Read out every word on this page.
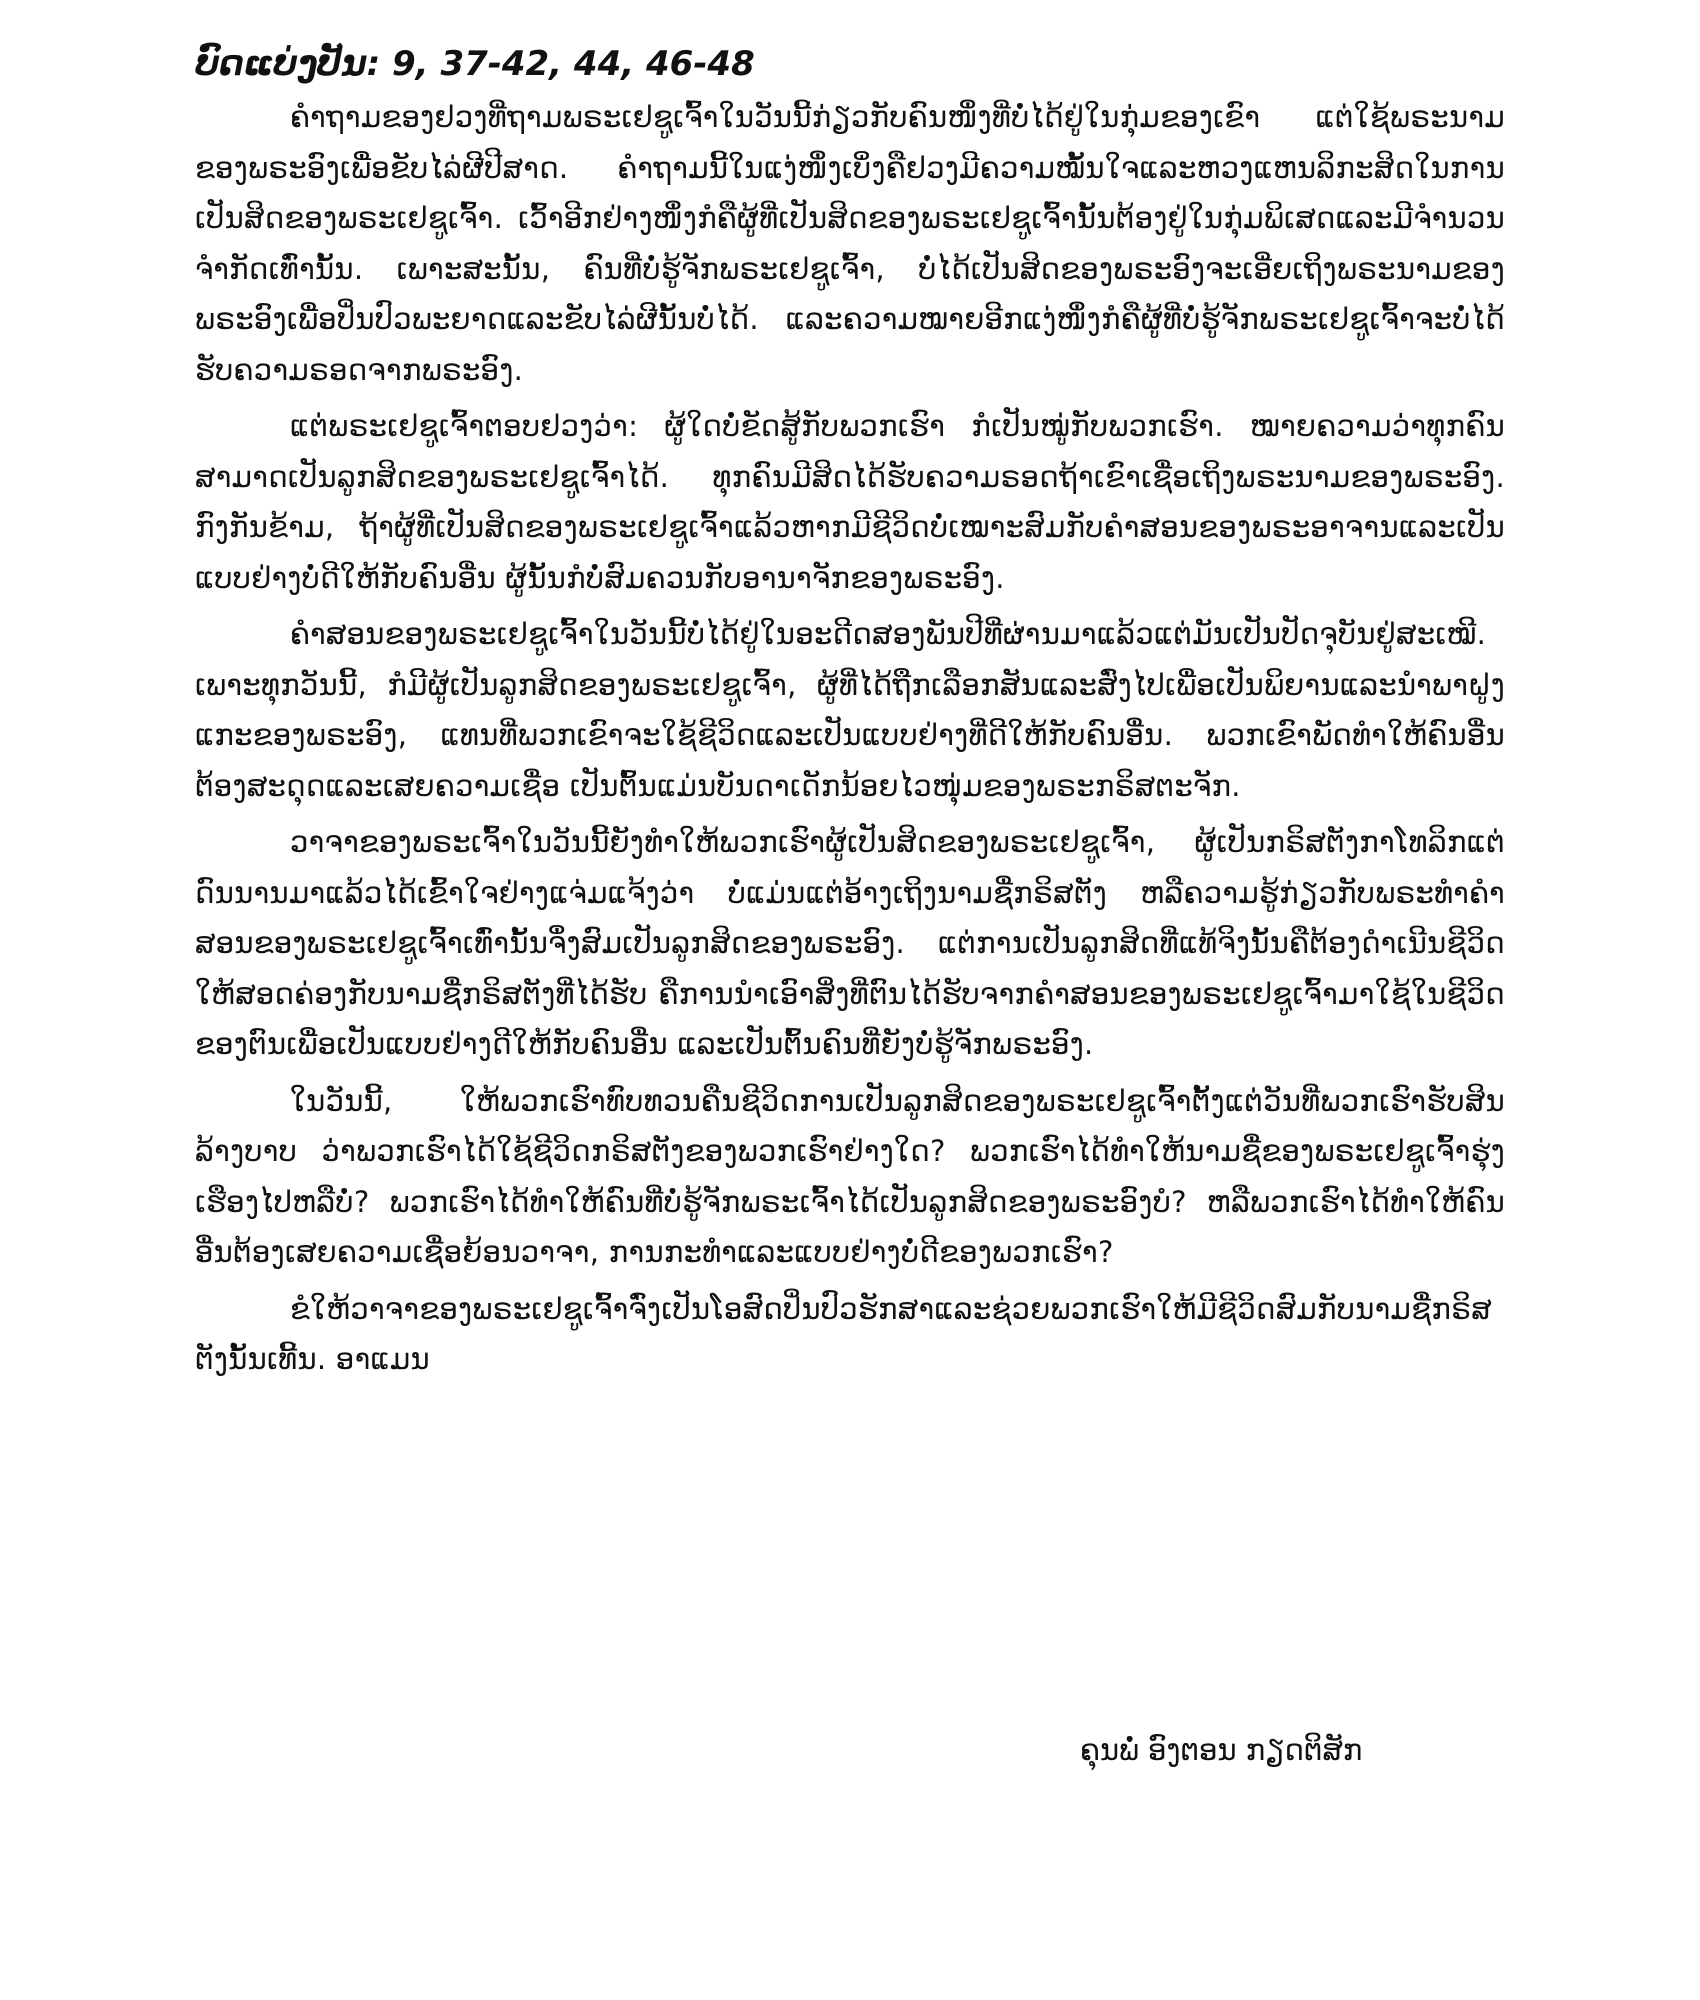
ບົດແບ່ງປັນ: 9, 37-42, 44, 46-48

ຄຳຖາມຂອງຢວງທີ່ຖາມພຣະເຢຊູເຈົ້າໃນວັນນີ້ກ່ຽວກັບຄົນໜຶ່ງທີ່ບໍ່ໄດ້ຢູ່ໃນກຸ່ມຂອງເຂົາ ແຕ່ໃຊ້ພຣະນາມຂອງພຣະອົງເພື່ອຂັບໄລ່ຜີປີສາດ. ຄຳຖາມນີ້ໃນແງ່ໜຶ່ງເບິ່ງຄືຢວງມີຄວາມໝັ້ນໃຈແລະຫວງແຫນລິກະສິດໃນການເປັນສິດຂອງພຣະເຢຊູເຈົ້າ. ເວົ້າອີກຢ່າງໜຶ່ງກໍຄືຜູ້ທີ່ເປັນສິດຂອງພຣະເຢຊູເຈົ້ານັ້ນຕ້ອງຢູ່ໃນກຸ່ມພິເສດແລະມີຈຳນວນຈຳກັດເທົ່ານັ້ນ. ເພາະສະນັ້ນ, ຄົນທີ່ບໍ່ຮູ້ຈັກພຣະເຢຊູເຈົ້າ, ບໍ່ໄດ້ເປັນສິດຂອງພຣະອົງຈະເອີ່ຍເຖິງພຣະນາມຂອງພຣະອົງເພື່ອປິ່ນປົວພະຍາດແລະຂັບໄລ່ຜີນັ້ນບໍ່ໄດ້. ແລະຄວາມໝາຍອີກແງ່ໜຶ່ງກໍຄືຜູ້ທີ່ບໍ່ຮູ້ຈັກພຣະເຢຊູເຈົ້າຈະບໍ່ໄດ້ຮັບຄວາມຣອດຈາກພຣະອົງ.

ແຕ່ພຣະເຢຊູເຈົ້າຕອບຢວງວ່າ: ຜູ້ໃດບໍ່ຂັດສູ້ກັບພວກເຮົາ ກໍເປັນໝູ່ກັບພວກເຮົາ. ໝາຍຄວາມວ່າທຸກຄົນສາມາດເປັນລູກສິດຂອງພຣະເຢຊູເຈົ້າໄດ້. ທຸກຄົນມີສິດໄດ້ຮັບຄວາມຣອດຖ້າເຂົາເຊື່ອເຖິງພຣະນາມຂອງພຣະອົງ. ກົງກັນຂ້າມ, ຖ້າຜູ້ທີ່ເປັນສິດຂອງພຣະເຢຊູເຈົ້າແລ້ວຫາກມີຊີວິດບໍ່ເໝາະສົມກັບຄຳສອນຂອງພຣະອາຈານແລະເປັນແບບຢ່າງບໍ່ດີໃຫ້ກັບຄົນອື່ນ ຜູ້ນັ້ນກໍບໍ່ສົມຄວນກັບອານາຈັກຂອງພຣະອົງ.

ຄຳສອນຂອງພຣະເຢຊູເຈົ້າໃນວັນນີ້ບໍ່ໄດ້ຢູ່ໃນອະດີດສອງພັນປີທີ່ຜ່ານມາແລ້ວແຕ່ມັນເປັນປັດຈຸບັນຢູ່ສະເໝີ. ເພາະທຸກວັນນີ້, ກໍມີຜູ້ເປັນລູກສິດຂອງພຣະເຢຊູເຈົ້າ, ຜູ້ທີ່ໄດ້ຖືກເລືອກສັນແລະສົ່ງໄປເພື່ອເປັນພິຍານແລະນຳພາຝູງແກະຂອງພຣະອົງ, ແທນທີ່ພວກເຂົາຈະໃຊ້ຊີວິດແລະເປັນແບບຢ່າງທີ່ດີໃຫ້ກັບຄົນອື່ນ. ພວກເຂົາພັດທຳໃຫ້ຄົນອື່ນຕ້ອງສະດຸດແລະເສຍຄວາມເຊື່ອ ເປັນຕົ້ນແມ່ນບັນດາເດັກນ້ອຍໄວໜຸ່ມຂອງພຣະກຣິສຕະຈັກ.

ວາຈາຂອງພຣະເຈົ້າໃນວັນນີ້ຍັງທຳໃຫ້ພວກເຮົາຜູ້ເປັນສິດຂອງພຣະເຢຊູເຈົ້າ, ຜູ້ເປັນກຣິສຕັງກາໂທລິກແຕ່ດົນນານມາແລ້ວໄດ້ເຂົ້າໃຈຢ່າງແຈ່ມແຈ້ງວ່າ ບໍ່ແມ່ນແຕ່ອ້າງເຖິງນາມຊື່ກຣິສຕັງ ຫລືຄວາມຮູ້ກ່ຽວກັບພຣະທຳຄຳສອນຂອງພຣະເຢຊູເຈົ້າເທົ່ານັ້ນຈຶ່ງສົມເປັນລູກສິດຂອງພຣະອົງ. ແຕ່ການເປັນລູກສິດທີ່ແທ້ຈິງນັ້ນຄືຕ້ອງດຳເນີນຊີວິດໃຫ້ສອດຄ່ອງກັບນາມຊື່ກຣິສຕັງທີ່ໄດ້ຮັບ ຄືການນຳເອົາສິ່ງທີ່ຕົນໄດ້ຮັບຈາກຄຳສອນຂອງພຣະເຢຊູເຈົ້າມາໃຊ້ໃນຊີວິດຂອງຕົນເພື່ອເປັນແບບຢ່າງດີໃຫ້ກັບຄົນອື່ນ ແລະເປັນຕົ້ນຄົນທີ່ຍັງບໍ່ຮູ້ຈັກພຣະອົງ.

ໃນວັນນີ້, ໃຫ້ພວກເຮົາທົບທວນຄືນຊີວິດການເປັນລູກສິດຂອງພຣະເຢຊູເຈົ້າຕັ້ງແຕ່ວັນທີ່ພວກເຮົາຮັບສິນລ້າງບາບ ວ່າພວກເຮົາໄດ້ໃຊ້ຊີວິດກຣິສຕັງຂອງພວກເຮົາຢ່າງໃດ? ພວກເຮົາໄດ້ທຳໃຫ້ນາມຊື່ຂອງພຣະເຢຊູເຈົ້າຮຸ່ງເຮືອງໄປຫລືບໍ່? ພວກເຮົາໄດ້ທຳໃຫ້ຄົນທີ່ບໍ່ຮູ້ຈັກພຣະເຈົ້າໄດ້ເປັນລູກສິດຂອງພຣະອົງບໍ? ຫລືພວກເຮົາໄດ້ທຳໃຫ້ຄົນອື່ນຕ້ອງເສຍຄວາມເຊື່ອຍ້ອນວາຈາ, ການກະທຳແລະແບບຢ່າງບໍ່ດີຂອງພວກເຮົາ?

ຂໍໃຫ້ວາຈາຂອງພຣະເຢຊູເຈົ້າຈົ່ງເປັນໂອສົດປິ່ນປົວຮັກສາແລະຊ່ວຍພວກເຮົາໃຫ້ມີຊີວິດສົມກັບນາມຊື່ກຣິສຕັງນັ້ນເທີ້ນ. ອາແມນ

ຄຸນພໍ່ ອົງຕອນ ກຽດຕິສັກ
